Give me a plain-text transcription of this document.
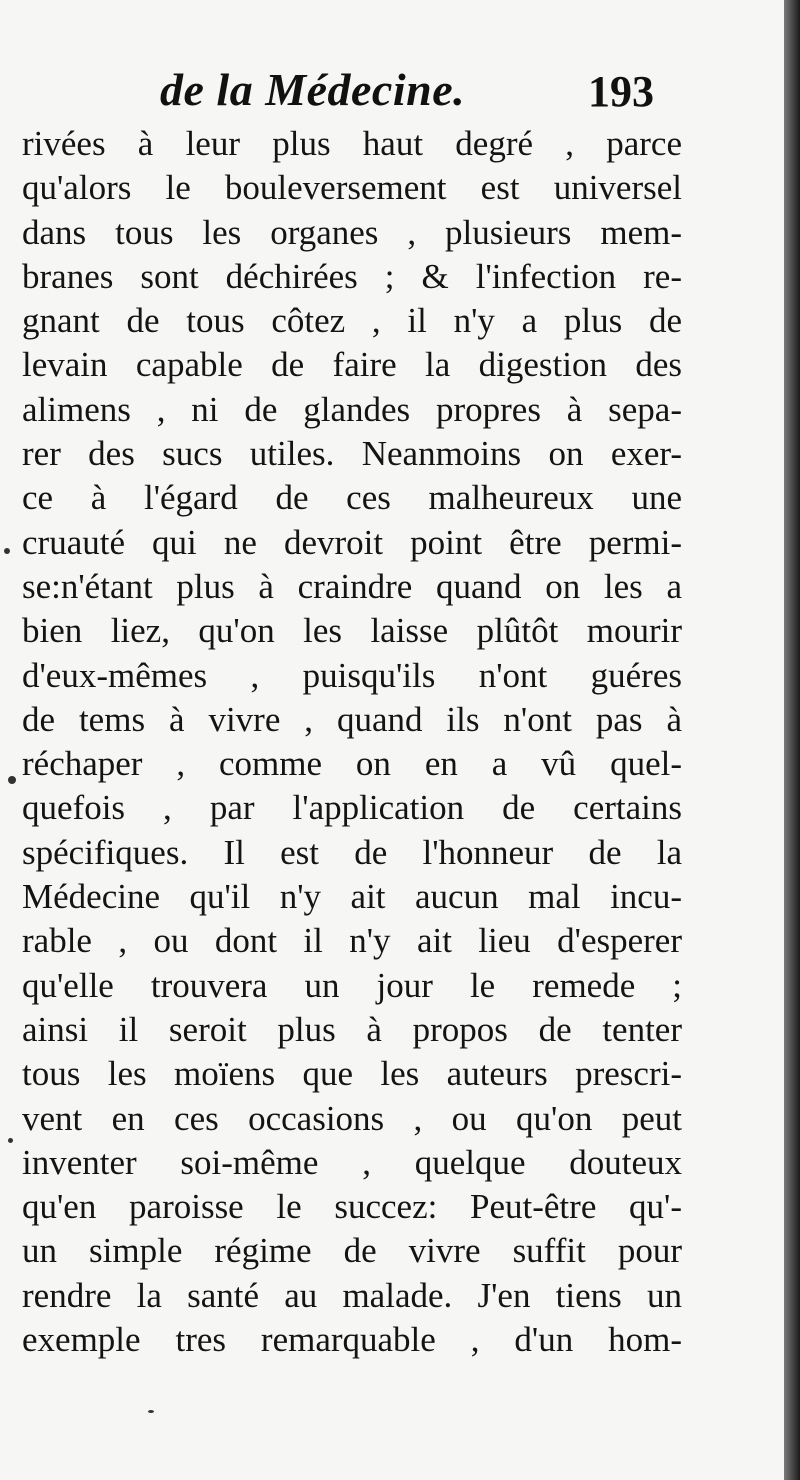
de la Médecine.	193
rivées à leur plus haut degré , parce
qu'alors le bouleversement est universel
dans tous les organes , plusieurs mem-
branes sont déchirées ; & l'infection re-
gnant de tous côtez , il n'y a plus de
levain capable de faire la digestion des
alimens , ni de glandes propres à sepa-
rer des sucs utiles. Neanmoins on exer-
ce à l'égard de ces malheureux une
cruauté qui ne devroit point être permi-
se:n'étant plus à craindre quand on les a
bien liez, qu'on les laisse plûtôt mourir
d'eux-mêmes , puisqu'ils n'ont guéres
de tems à vivre , quand ils n'ont pas à
réchaper , comme on en a vû quel-
quefois , par l'application de certains
spécifiques. Il est de l'honneur de la
Médecine qu'il n'y ait aucun mal incu-
rable , ou dont il n'y ait lieu d'esperer
qu'elle trouvera un jour le remede ;
ainsi il seroit plus à propos de tenter
tous les moïens que les auteurs prescri-
vent en ces occasions , ou qu'on peut
inventer soi-même , quelque douteux
qu'en paroisse le succez: Peut-être qu'-
un simple régime de vivre suffit pour
rendre la santé au malade. J'en tiens un
exemple tres remarquable , d'un hom-
